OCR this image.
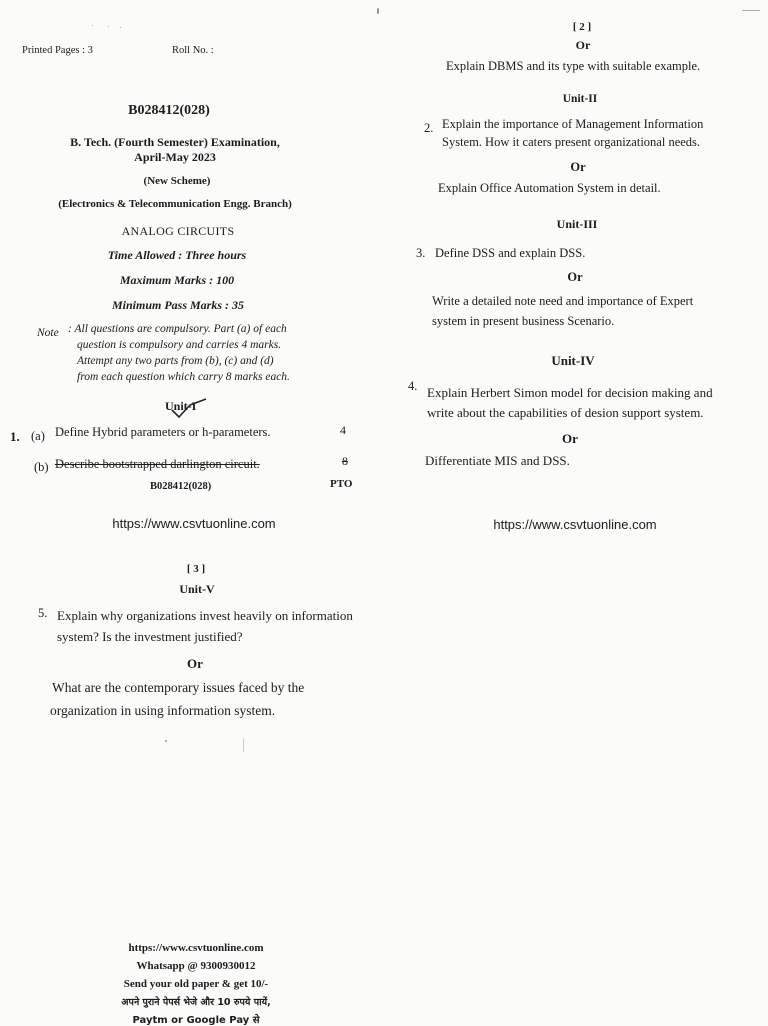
Printed Pages : 3	Roll No. :
B028412(028)
B. Tech. (Fourth Semester) Examination,
April-May 2023
(New Scheme)
(Electronics & Telecommunication Engg. Branch)
ANALOG CIRCUITS
Time Allowed : Three hours
Maximum Marks : 100
Minimum Pass Marks : 35
Note : All questions are compulsory. Part (a) of each
question is compulsory and carries 4 marks.
Attempt any two parts from (b), (c) and (d)
from each question which carry 8 marks each.
Unit-I
1. (a) Define Hybrid parameters or h-parameters.	4
(b) Describe bootstrapped darlington circuit.	8
B028412(028)	PTO
https://www.csvtuonline.com
[ 2 ]
Or
Explain DBMS and its type with suitable example.
Unit-II
2. Explain the importance of Management Information
System. How it caters present organizational needs.
Or
Explain Office Automation System in detail.
Unit-III
3. Define DSS and explain DSS.
Or
Write a detailed note need and importance of Expert
system in present business Scenario.
Unit-IV
4. Explain Herbert Simon model for decision making and
write about the capabilities of desion support system.
Or
Differentiate MIS and DSS.
https://www.csvtuonline.com
[ 3 ]
Unit-V
5. Explain why organizations invest heavily on information
system? Is the investment justified?
Or
What are the contemporary issues faced by the
organization in using information system.
https://www.csvtuonline.com
Whatsapp @ 9300930012
Send your old paper & get 10/-
अपने पुराने पेपर्स भेजे और 10 रुपये पायें,
Paytm or Google Pay से
